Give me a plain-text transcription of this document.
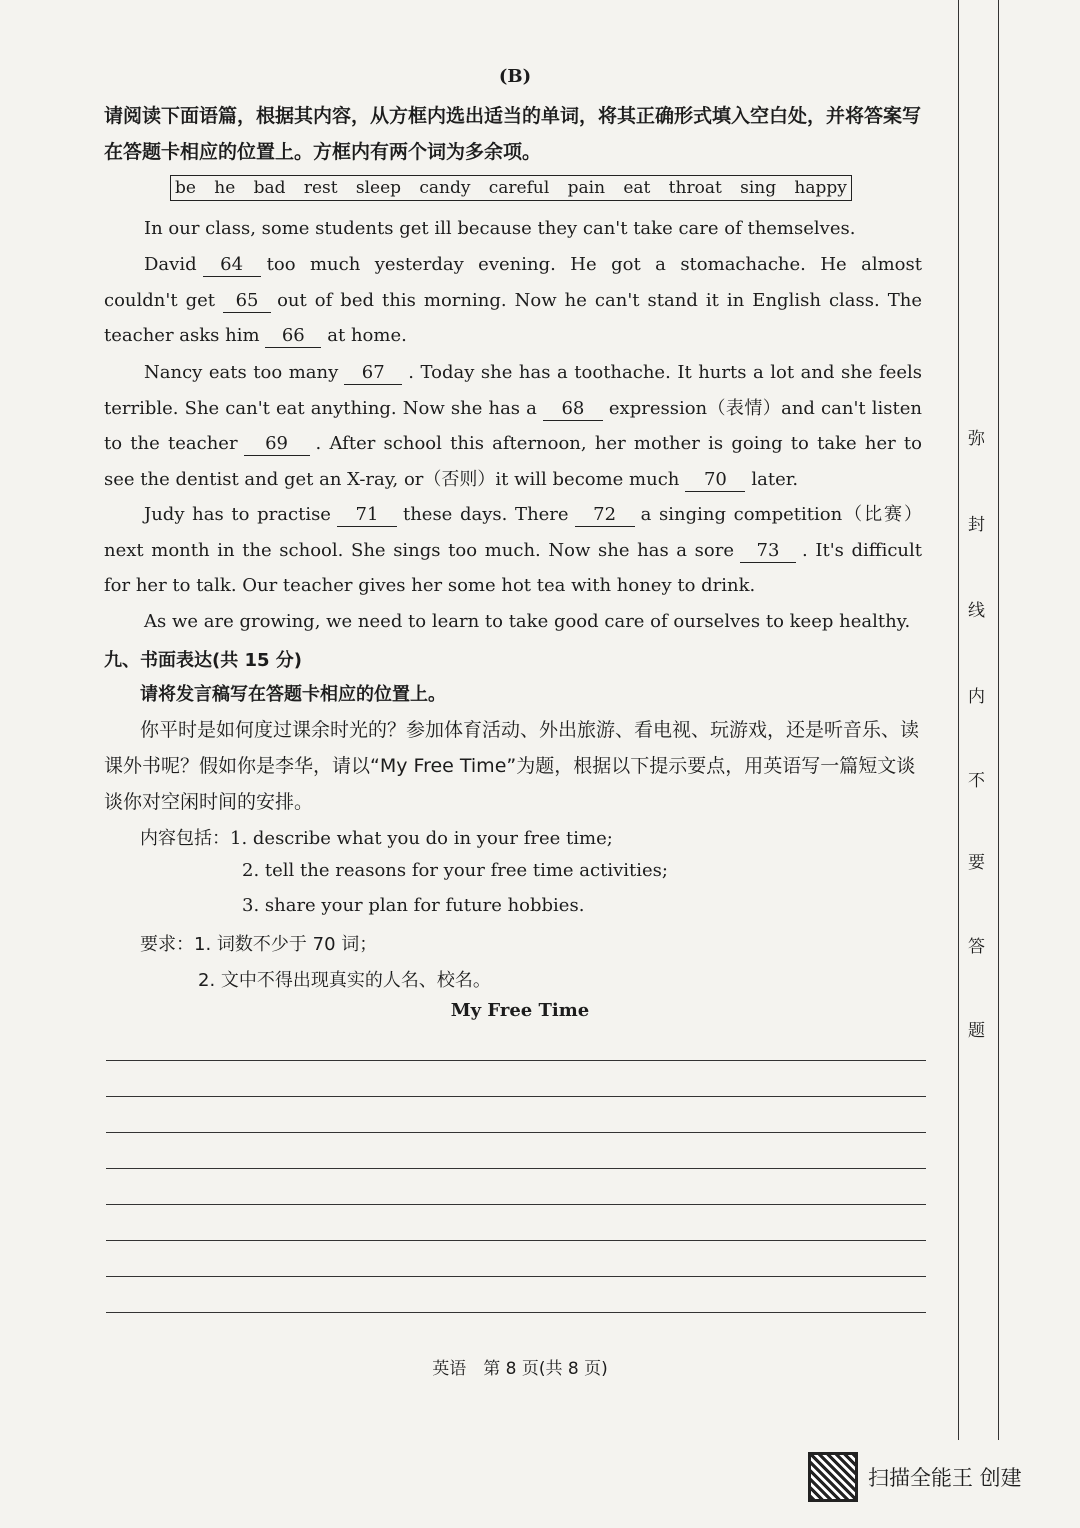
(B)
请阅读下面语篇，根据其内容，从方框内选出适当的单词，将其正确形式填入空白处，并将答案写在答题卡相应的位置上。方框内有两个词为多余项。
be he bad rest sleep candy careful pain eat throat sing happy
In our class, some students get ill because they can't take care of themselves.
David 64 too much yesterday evening. He got a stomachache. He almost couldn't get 65 out of bed this morning. Now he can't stand it in English class. The teacher asks him 66 at home.
Nancy eats too many 67 . Today she has a toothache. It hurts a lot and she feels terrible. She can't eat anything. Now she has a 68 expression（表情）and can't listen to the teacher 69 . After school this afternoon, her mother is going to take her to see the dentist and get an X-ray, or（否则）it will become much 70 later.
Judy has to practise 71 these days. There 72 a singing competition（比赛）next month in the school. She sings too much. Now she has a sore 73 . It's difficult for her to talk. Our teacher gives her some hot tea with honey to drink.
As we are growing, we need to learn to take good care of ourselves to keep healthy.
九、书面表达(共 15 分)
请将发言稿写在答题卡相应的位置上。
你平时是如何度过课余时光的？参加体育活动、外出旅游、看电视、玩游戏，还是听音乐、读课外书呢？假如你是李华，请以“My Free Time”为题，根据以下提示要点，用英语写一篇短文谈谈你对空闲时间的安排。
内容包括：1. describe what you do in your free time;
2. tell the reasons for your free time activities;
3. share your plan for future hobbies.
要求：1. 词数不少于 70 词；
2. 文中不得出现真实的人名、校名。
My Free Time
英语　第 8 页(共 8 页)
弥
封
线
内
不
要
答
题
扫描全能王 创建
